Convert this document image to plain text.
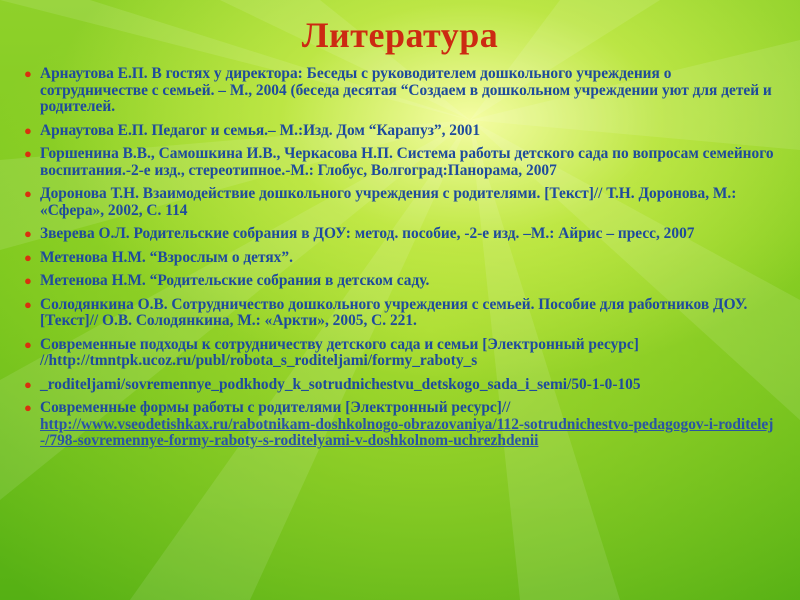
Литература
● Арнаутова Е.П. В гостях у директора: Беседы с руководителем дошкольного учреждения о сотрудничестве с семьей. – М., 2004 (беседа десятая “Создаем в дошкольном учреждении уют для детей и родителей.
● Арнаутова Е.П. Педагог и семья.– М.:Изд. Дом “Карапуз”, 2001
● Горшенина В.В., Самошкина И.В., Черкасова Н.П. Система работы детского сада по вопросам семейного воспитания.-2-е изд., стереотипное.-М.: Глобус, Волгоград:Панорама, 2007
● Доронова Т.Н. Взаимодействие дошкольного учреждения с родителями. [Текст]// Т.Н. Доронова, М.: «Сфера», 2002, С. 114
● Зверева О.Л. Родительские собрания в ДОУ: метод. пособие, -2-е изд. –М.: Айрис – пресс, 2007
● Метенова Н.М. “Взрослым о детях”.
● Метенова Н.М. “Родительские собрания в детском саду.
● Солодянкина О.В. Сотрудничество дошкольного учреждения с семьей. Пособие для работников ДОУ. [Текст]// О.В. Солодянкина, М.: «Аркти», 2005, С. 221.
● Современные подходы к сотрудничеству детского сада и семьи [Электронный ресурс] //http://tmntpk.ucoz.ru/publ/robota_s_roditeljami/formy_raboty_s
● _roditeljami/sovremennye_podkhody_k_sotrudnichestvu_detskogo_sada_i_semi/50-1-0-105
● Современные формы работы с родителями [Электронный ресурс]//
http://www.vseodetishkax.ru/rabotnikam-doshkolnogo-obrazovaniya/112-sotrudnichestvo-pedagogov-i-roditelej-/798-sovremennye-formy-raboty-s-roditelyami-v-doshkolnom-uchrezhdenii
